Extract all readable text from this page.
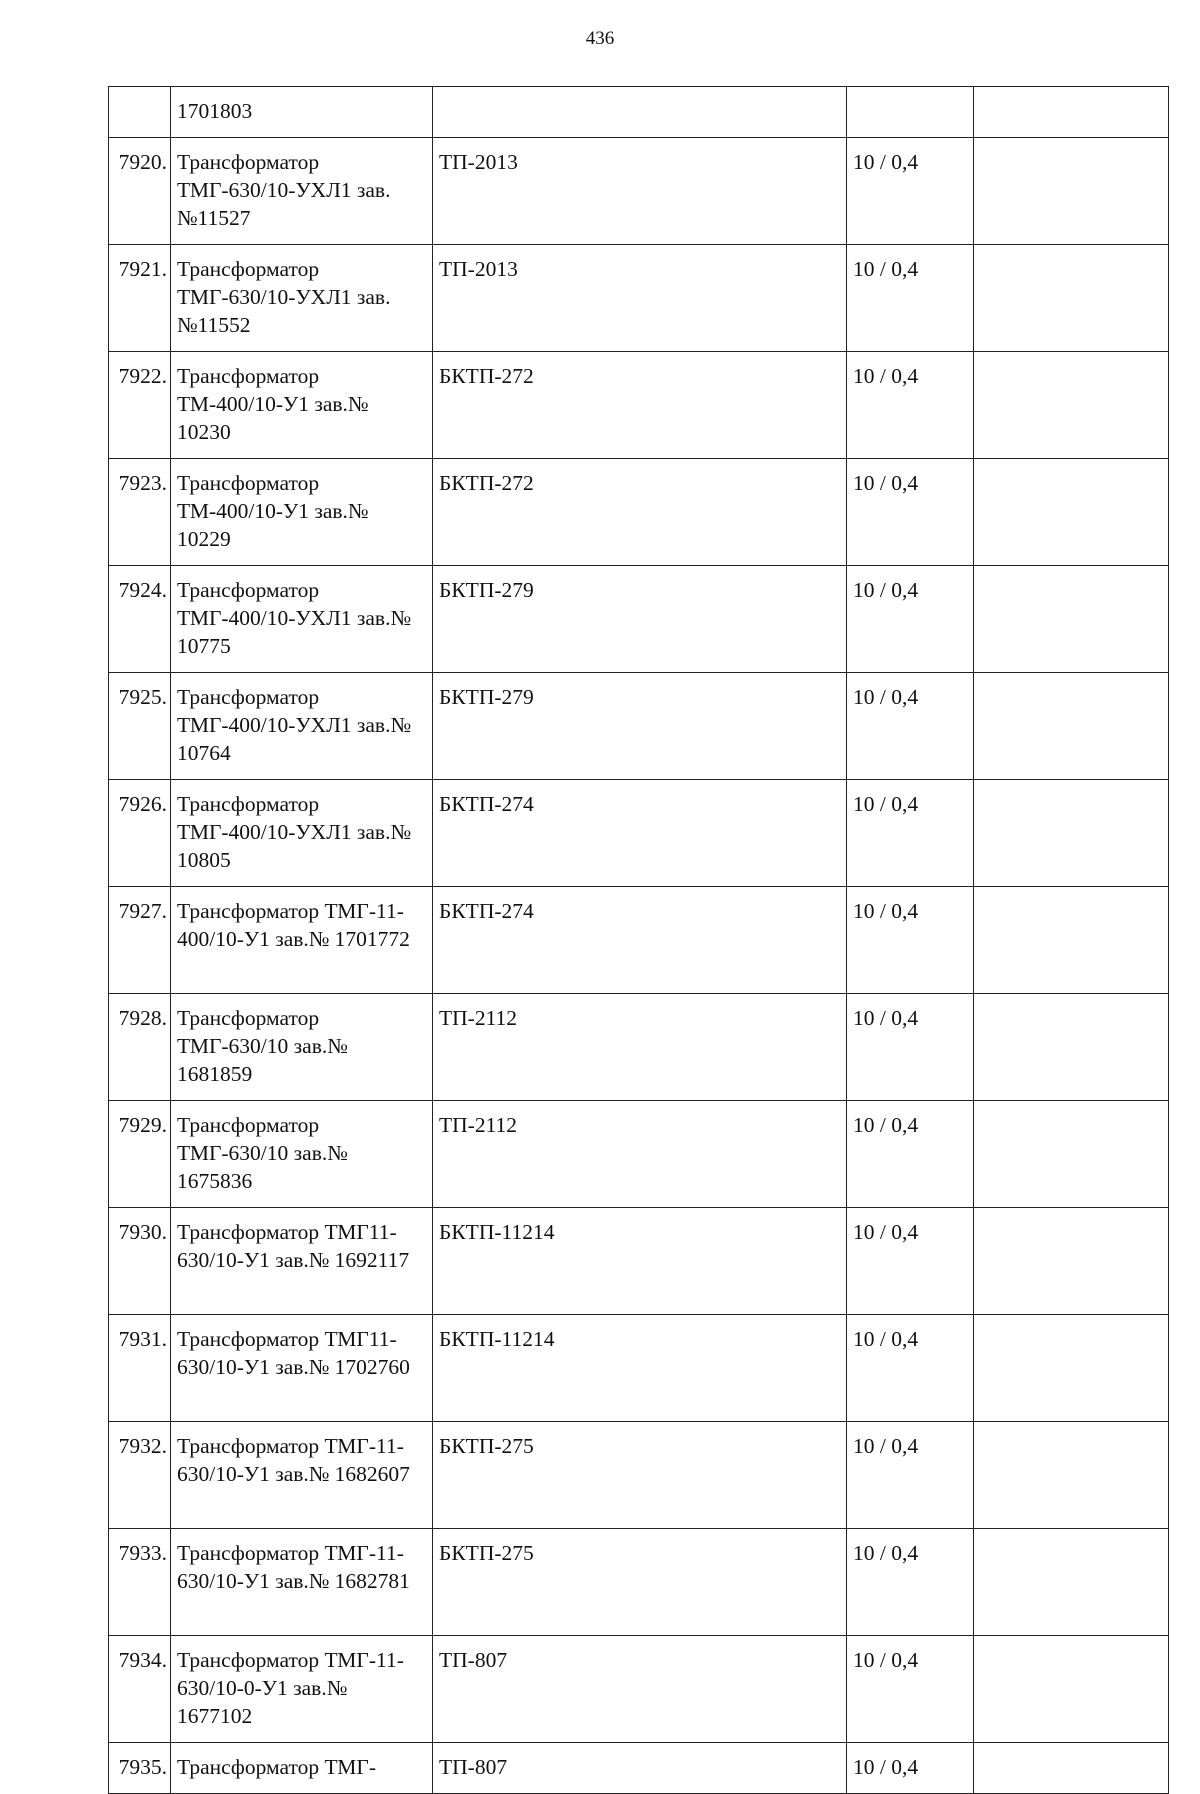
436
	1701803			
7920.	Трансформатор ТМГ-630/10-УХЛ1 зав.№11527	ТП-2013	10 / 0,4	
7921.	Трансформатор ТМГ-630/10-УХЛ1 зав.№11552	ТП-2013	10 / 0,4	
7922.	Трансформатор ТМ-400/10-У1 зав.№ 10230	БКТП-272	10 / 0,4	
7923.	Трансформатор ТМ-400/10-У1 зав.№ 10229	БКТП-272	10 / 0,4	
7924.	Трансформатор ТМГ-400/10-УХЛ1 зав.№ 10775	БКТП-279	10 / 0,4	
7925.	Трансформатор ТМГ-400/10-УХЛ1 зав.№ 10764	БКТП-279	10 / 0,4	
7926.	Трансформатор ТМГ-400/10-УХЛ1 зав.№ 10805	БКТП-274	10 / 0,4	
7927.	Трансформатор ТМГ-11-400/10-У1 зав.№ 1701772	БКТП-274	10 / 0,4	
7928.	Трансформатор ТМГ-630/10 зав.№ 1681859	ТП-2112	10 / 0,4	
7929.	Трансформатор ТМГ-630/10 зав.№ 1675836	ТП-2112	10 / 0,4	
7930.	Трансформатор ТМГ11-630/10-У1 зав.№ 1692117	БКТП-11214	10 / 0,4	
7931.	Трансформатор ТМГ11-630/10-У1 зав.№ 1702760	БКТП-11214	10 / 0,4	
7932.	Трансформатор ТМГ-11-630/10-У1 зав.№ 1682607	БКТП-275	10 / 0,4	
7933.	Трансформатор ТМГ-11-630/10-У1 зав.№ 1682781	БКТП-275	10 / 0,4	
7934.	Трансформатор ТМГ-11-630/10-0-У1 зав.№ 1677102	ТП-807	10 / 0,4	
7935.	Трансформатор ТМГ-	ТП-807	10 / 0,4	
